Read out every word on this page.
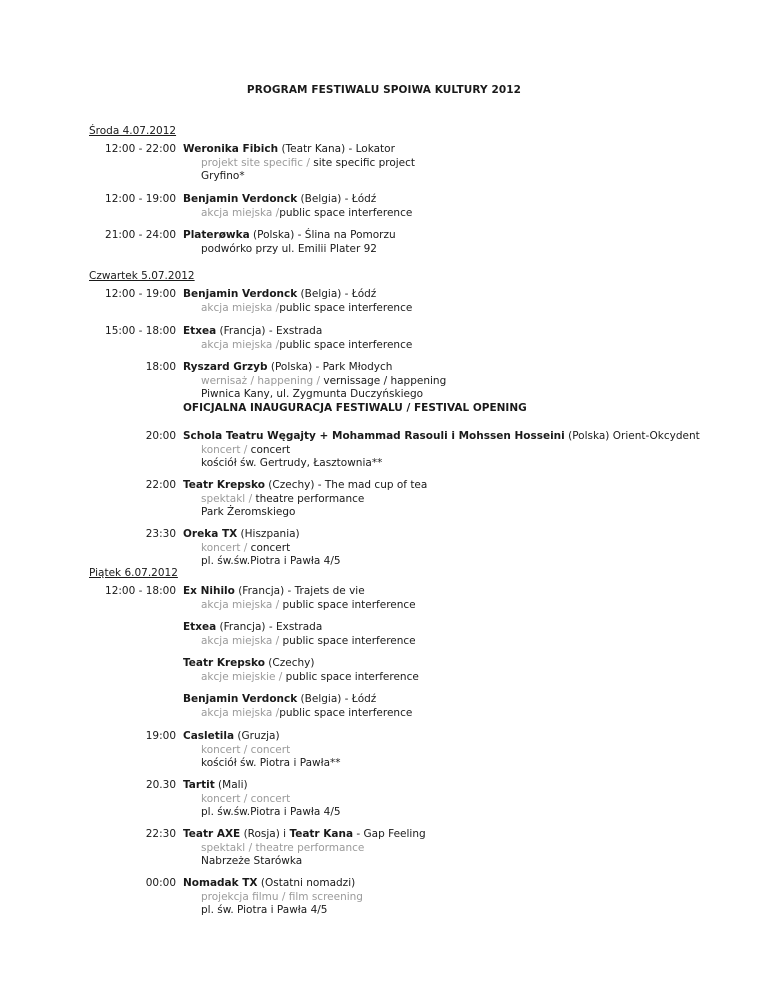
PROGRAM FESTIWALU SPOIWA KULTURY 2012
Środa 4.07.2012
12:00 - 22:00 Weronika Fibich (Teatr Kana) - Lokator
projekt site specific / site specific project
Gryfino*
12:00 - 19:00 Benjamin Verdonck (Belgia) - Łódź
akcja miejska /public space interference
21:00 - 24:00 Platerøwka (Polska) - Ślina na Pomorzu
podwórko przy ul. Emilii Plater 92
Czwartek 5.07.2012
12:00 - 19:00 Benjamin Verdonck (Belgia) - Łódź
akcja miejska /public space interference
15:00 - 18:00 Etxea (Francja) - Exstrada
akcja miejska /public space interference
18:00 Ryszard Grzyb (Polska) - Park Młodych
wernisaż / happening / vernissage / happening
Piwnica Kany, ul. Zygmunta Duczyńskiego
OFICJALNA INAUGURACJA FESTIWALU / FESTIVAL OPENING
20:00 Schola Teatru Węgajty + Mohammad Rasouli i Mohssen Hosseini (Polska) Orient-Okcydent
koncert / concert
kościół św. Gertrudy, Łasztownia**
22:00 Teatr Krepsko (Czechy) - The mad cup of tea
spektakl / theatre performance
Park Żeromskiego
23:30 Oreka TX (Hiszpania)
koncert / concert
pl. św.św.Piotra i Pawła 4/5
Piątek 6.07.2012
12:00 - 18:00 Ex Nihilo (Francja) - Trajets de vie
akcja miejska / public space interference
Etxea (Francja) - Exstrada
akcja miejska / public space interference
Teatr Krepsko (Czechy)
akcje miejskie / public space interference
Benjamin Verdonck (Belgia) - Łódź
akcja miejska /public space interference
19:00 Casletila (Gruzja)
koncert / concert
kościół św. Piotra i Pawła**
20.30 Tartit (Mali)
koncert / concert
pl. św.św.Piotra i Pawła 4/5
22:30 Teatr AXE (Rosja) i Teatr Kana - Gap Feeling
spektakl / theatre performance
Nabrzeże Starówka
00:00 Nomadak TX (Ostatni nomadzi)
projekcja filmu / film screening
pl. św. Piotra i Pawła 4/5
